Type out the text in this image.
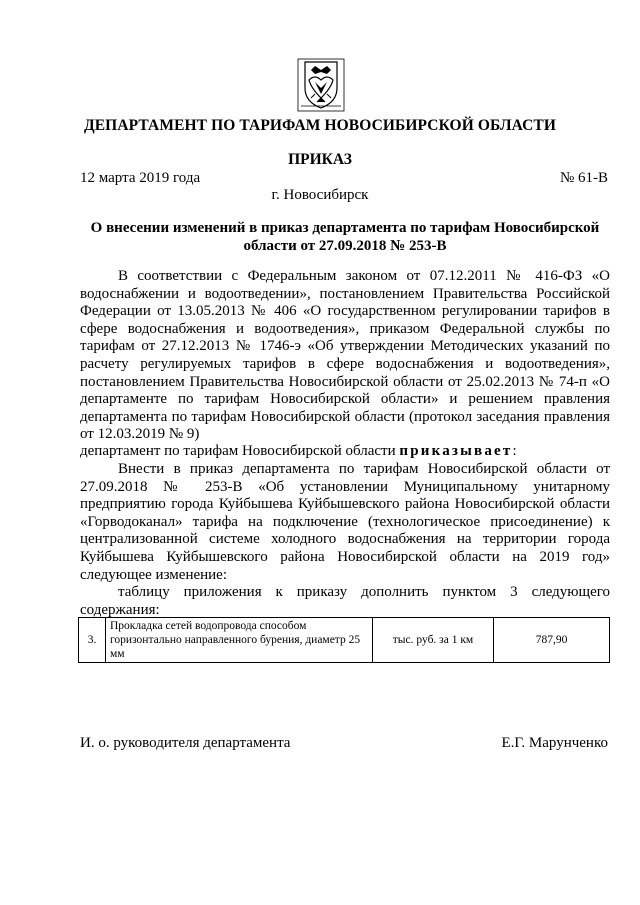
ДЕПАРТАМЕНТ ПО ТАРИФАМ НОВОСИБИРСКОЙ ОБЛАСТИ
ПРИКАЗ
12 марта 2019 года	№ 61-В
г. Новосибирск
О внесении изменений в приказ департамента по тарифам Новосибирской области от 27.09.2018 № 253-В
В соответствии с Федеральным законом от 07.12.2011 № 416-ФЗ «О водоснабжении и водоотведении», постановлением Правительства Российской Федерации от 13.05.2013 № 406 «О государственном регулировании тарифов в сфере водоснабжения и водоотведения», приказом Федеральной службы по тарифам от 27.12.2013 № 1746-э «Об утверждении Методических указаний по расчету регулируемых тарифов в сфере водоснабжения и водоотведения», постановлением Правительства Новосибирской области от 25.02.2013 № 74-п «О департаменте по тарифам Новосибирской области» и решением правления департамента по тарифам Новосибирской области (протокол заседания правления от 12.03.2019 № 9)
департамент по тарифам Новосибирской области приказывает:
Внести в приказ департамента по тарифам Новосибирской области от 27.09.2018 № 253-В «Об установлении Муниципальному унитарному предприятию города Куйбышева Куйбышевского района Новосибирской области «Горводоканал» тарифа на подключение (технологическое присоединение) к централизованной системе холодного водоснабжения на территории города Куйбышева Куйбышевского района Новосибирской области на 2019 год» следующее изменение:
таблицу приложения к приказу дополнить пунктом 3 следующего содержания:
3.	Прокладка сетей водопровода способом горизонтально направленного бурения, диаметр 25 мм	тыс. руб. за 1 км	787,90
И. о. руководителя департамента	Е.Г. Марунченко
